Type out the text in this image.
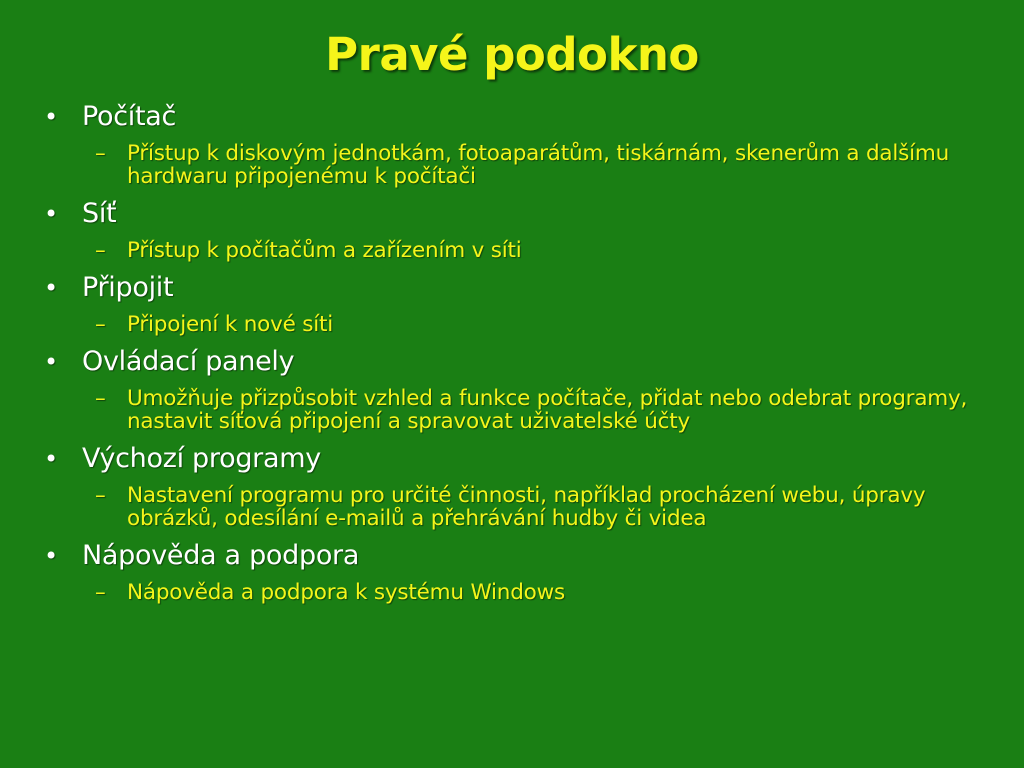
Pravé podokno
• Počítač
– Přístup k diskovým jednotkám, fotoaparátům, tiskárnám, skenerům a dalšímu hardwaru připojenému k počítači
• Síť
– Přístup k počítačům a zařízením v síti
• Připojit
– Připojení k nové síti
• Ovládací panely
– Umožňuje přizpůsobit vzhled a funkce počítače, přidat nebo odebrat programy, nastavit síťová připojení a spravovat uživatelské účty
• Výchozí programy
– Nastavení programu pro určité činnosti, například procházení webu, úpravy obrázků, odesílání e-mailů a přehrávání hudby či videa
• Nápověda a podpora
– Nápověda a podpora k systému Windows
